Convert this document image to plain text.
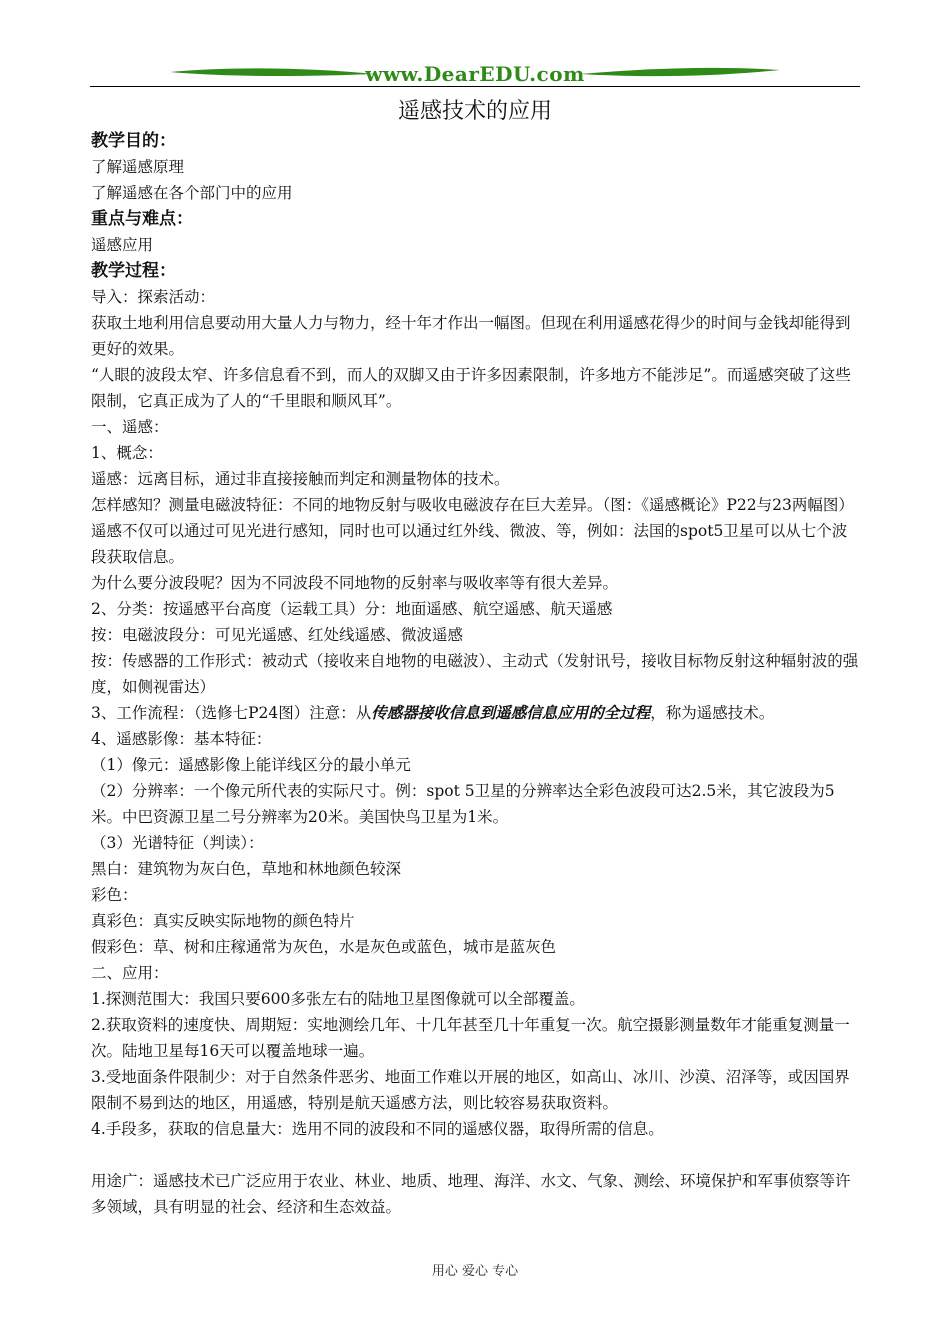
www.DearEDU.com
遥感技术的应用

教学目的：

了解遥感原理

了解遥感在各个部门中的应用

重点与难点：

遥感应用

教学过程：

导入：探索活动：

获取土地利用信息要动用大量人力与物力，经十年才作出一幅图。但现在利用遥感花得少的时间与金钱却能得到更好的效果。

“人眼的波段太窄、许多信息看不到，而人的双脚又由于许多因素限制，许多地方不能涉足”。而遥感突破了这些限制，它真正成为了人的“千里眼和顺风耳”。

一、遥感：

1、概念：

遥感：远离目标，通过非直接接触而判定和测量物体的技术。

怎样感知？测量电磁波特征：不同的地物反射与吸收电磁波存在巨大差异。（图：《遥感概论》P22与23两幅图）

遥感不仅可以通过可见光进行感知，同时也可以通过红外线、微波、等，例如：法国的spot5卫星可以从七个波段获取信息。

为什么要分波段呢？因为不同波段不同地物的反射率与吸收率等有很大差异。

2、分类：按遥感平台高度（运载工具）分：地面遥感、航空遥感、航天遥感

按：电磁波段分：可见光遥感、红处线遥感、微波遥感

按：传感器的工作形式：被动式（接收来自地物的电磁波）、主动式（发射讯号，接收目标物反射这种辐射波的强度，如侧视雷达）

3、工作流程：（选修七P24图）注意：从传感器接收信息到遥感信息应用的全过程，称为遥感技术。

4、遥感影像：基本特征：

（1）像元：遥感影像上能详线区分的最小单元

（2）分辨率：一个像元所代表的实际尺寸。例：spot 5卫星的分辨率达全彩色波段可达2.5米，其它波段为5米。中巴资源卫星二号分辨率为20米。美国快鸟卫星为1米。

（3）光谱特征（判读）：

黑白：建筑物为灰白色，草地和林地颜色较深

彩色：

真彩色：真实反映实际地物的颜色特片

假彩色：草、树和庄稼通常为灰色，水是灰色或蓝色，城市是蓝灰色

二、应用：

1.探测范围大：我国只要600多张左右的陆地卫星图像就可以全部覆盖。

2.获取资料的速度快、周期短：实地测绘几年、十几年甚至几十年重复一次。航空摄影测量数年才能重复测量一次。陆地卫星每16天可以覆盖地球一遍。

3.受地面条件限制少：对于自然条件恶劣、地面工作难以开展的地区，如高山、冰川、沙漠、沼泽等，或因国界限制不易到达的地区，用遥感，特别是航天遥感方法，则比较容易获取资料。

4.手段多，获取的信息量大：选用不同的波段和不同的遥感仪器，取得所需的信息。

用途广：遥感技术已广泛应用于农业、林业、地质、地理、海洋、水文、气象、测绘、环境保护和军事侦察等许多领域，具有明显的社会、经济和生态效益。

用心 爱心 专心
